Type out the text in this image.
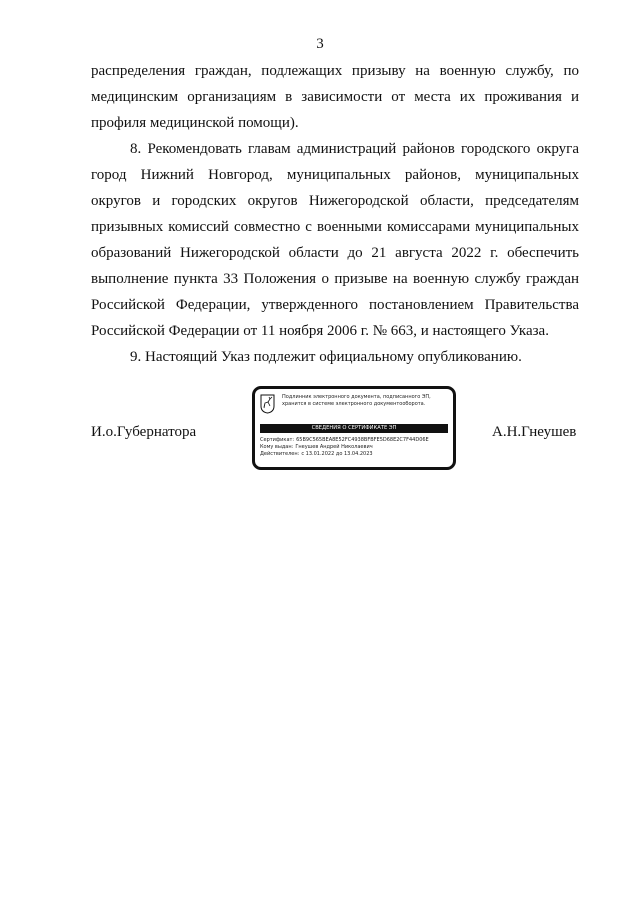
3

распределения граждан, подлежащих призыву на военную службу, по медицинским организациям в зависимости от места их проживания и профиля медицинской помощи).

8. Рекомендовать главам администраций районов городского округа город Нижний Новгород, муниципальных районов, муниципальных округов и городских округов Нижегородской области, председателям призывных комиссий совместно с военными комиссарами муниципальных образований Нижегородской области до 21 августа 2022 г. обеспечить выполнение пункта 33 Положения о призыве на военную службу граждан Российской Федерации, утвержденного постановлением Правительства Российской Федерации от 11 ноября 2006 г. № 663, и настоящего Указа.

9. Настоящий Указ подлежит официальному опубликованию.

И.о.Губернатора	А.Н.Гнеушев
Подлинник электронного документа, подписанного ЭП,
хранится в системе электронного документооборота.
СВЕДЕНИЯ О СЕРТИФИКАТЕ ЭП
Сертификат: 65B9C565BEA8E52FC4938BFBFE5D68E2C7F44D06E
Кому выдан: Гнеушев Андрей Николаевич
Действителен: с 13.01.2022 до 13.04.2023
